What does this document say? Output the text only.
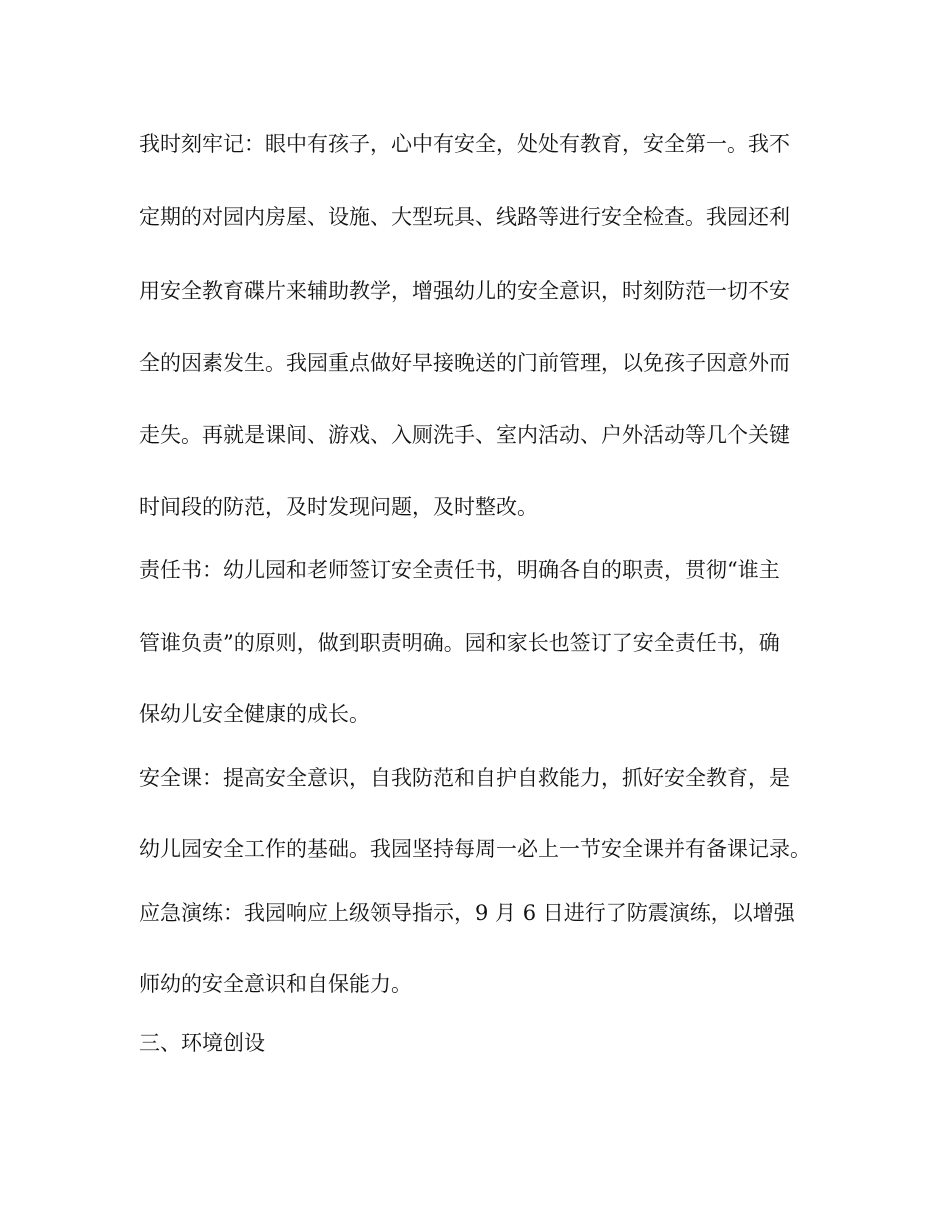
我时刻牢记：眼中有孩子，心中有安全，处处有教育，安全第一。我不

定期的对园内房屋、设施、大型玩具、线路等进行安全检查。我园还利

用安全教育碟片来辅助教学，增强幼儿的安全意识，时刻防范一切不安

全的因素发生。我园重点做好早接晚送的门前管理，以免孩子因意外而

走失。再就是课间、游戏、入厕洗手、室内活动、户外活动等几个关键

时间段的防范，及时发现问题，及时整改。

责任书：幼儿园和老师签订安全责任书，明确各自的职责，贯彻“谁主

管谁负责”的原则，做到职责明确。园和家长也签订了安全责任书，确

保幼儿安全健康的成长。

安全课：提高安全意识，自我防范和自护自救能力，抓好安全教育，是

幼儿园安全工作的基础。我园坚持每周一必上一节安全课并有备课记录。

应急演练：我园响应上级领导指示，9 月 6 日进行了防震演练，以增强

师幼的安全意识和自保能力。

三、环境创设
